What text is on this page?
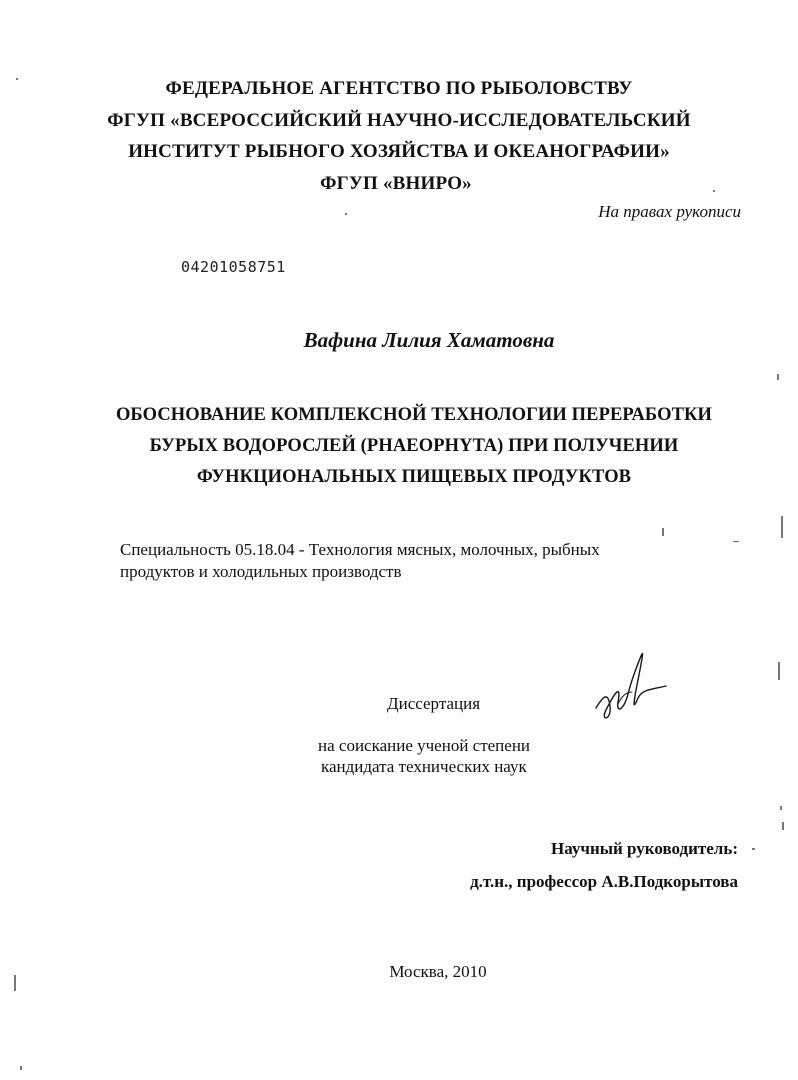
ФЕДЕРАЛЬНОЕ АГЕНТСТВО ПО РЫБОЛОВСТВУ
ФГУП «ВСЕРОССИЙСКИЙ НАУЧНО-ИССЛЕДОВАТЕЛЬСКИЙ
ИНСТИТУТ РЫБНОГО ХОЗЯЙСТВА И ОКЕАНОГРАФИИ»
ФГУП «ВНИРО»
На правах рукописи
04201058751
Вафина Лилия Хаматовна
ОБОСНОВАНИЕ КОМПЛЕКСНОЙ ТЕХНОЛОГИИ ПЕРЕРАБОТКИ
БУРЫХ ВОДОРОСЛЕЙ (PHAEOPHYTA) ПРИ ПОЛУЧЕНИИ
ФУНКЦИОНАЛЬНЫХ ПИЩЕВЫХ ПРОДУКТОВ
Специальность 05.18.04 - Технология мясных, молочных, рыбных
продуктов и холодильных производств
Диссертация
на соискание ученой степени
кандидата технических наук
Научный руководитель:
д.т.н., профессор А.В.Подкорытова
Москва, 2010
